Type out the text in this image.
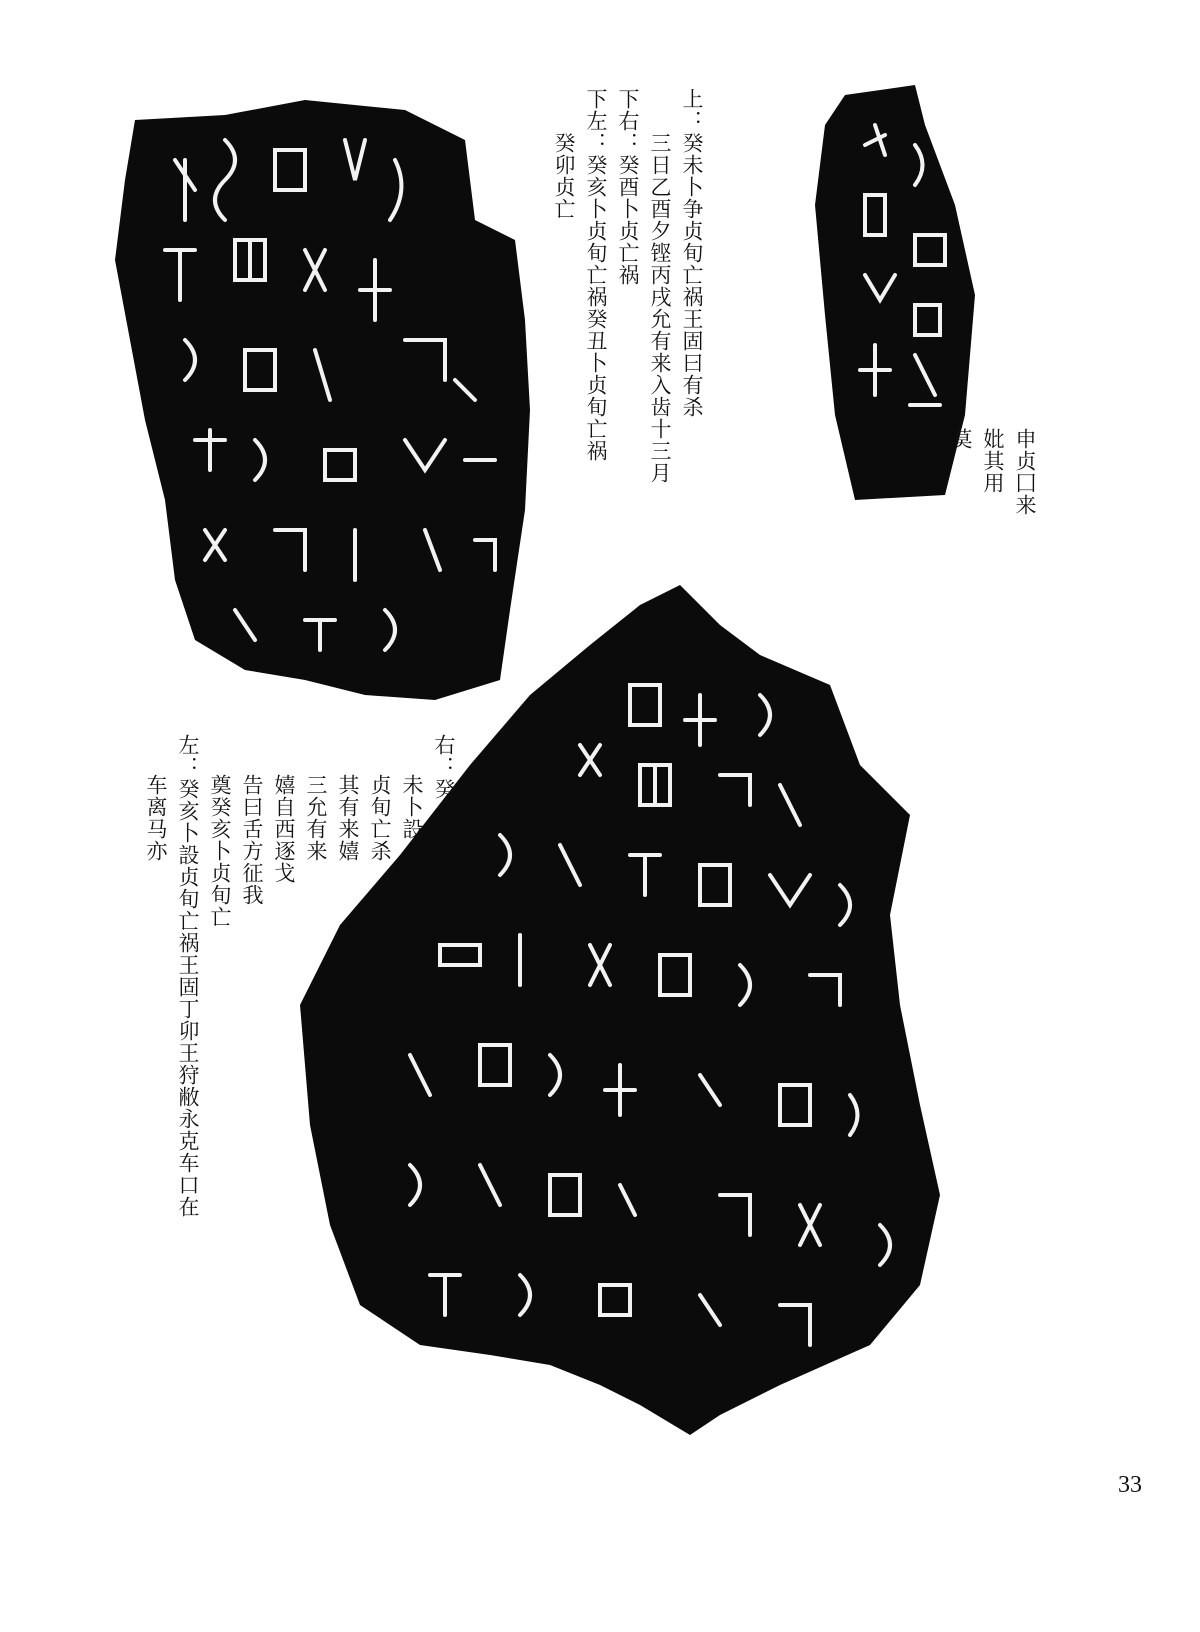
上：癸未卜争贞旬亡祸王固曰有杀
三日乙酉夕铿丙戌允有来入齿十三月
下右：癸酉卜贞亡祸
下左：癸亥卜贞旬亡祸癸丑卜贞旬亡祸
癸卯贞亡
申贞囗来
妣其用
莫
右：癸
未卜設
贞旬亡杀
其有来嬉
三允有来
嬉自西逐戈
告曰舌方征我
奠癸亥卜贞旬亡
左：癸亥卜設贞旬亡祸王固丁卯王狩敝永克车口在
车离马亦
33
